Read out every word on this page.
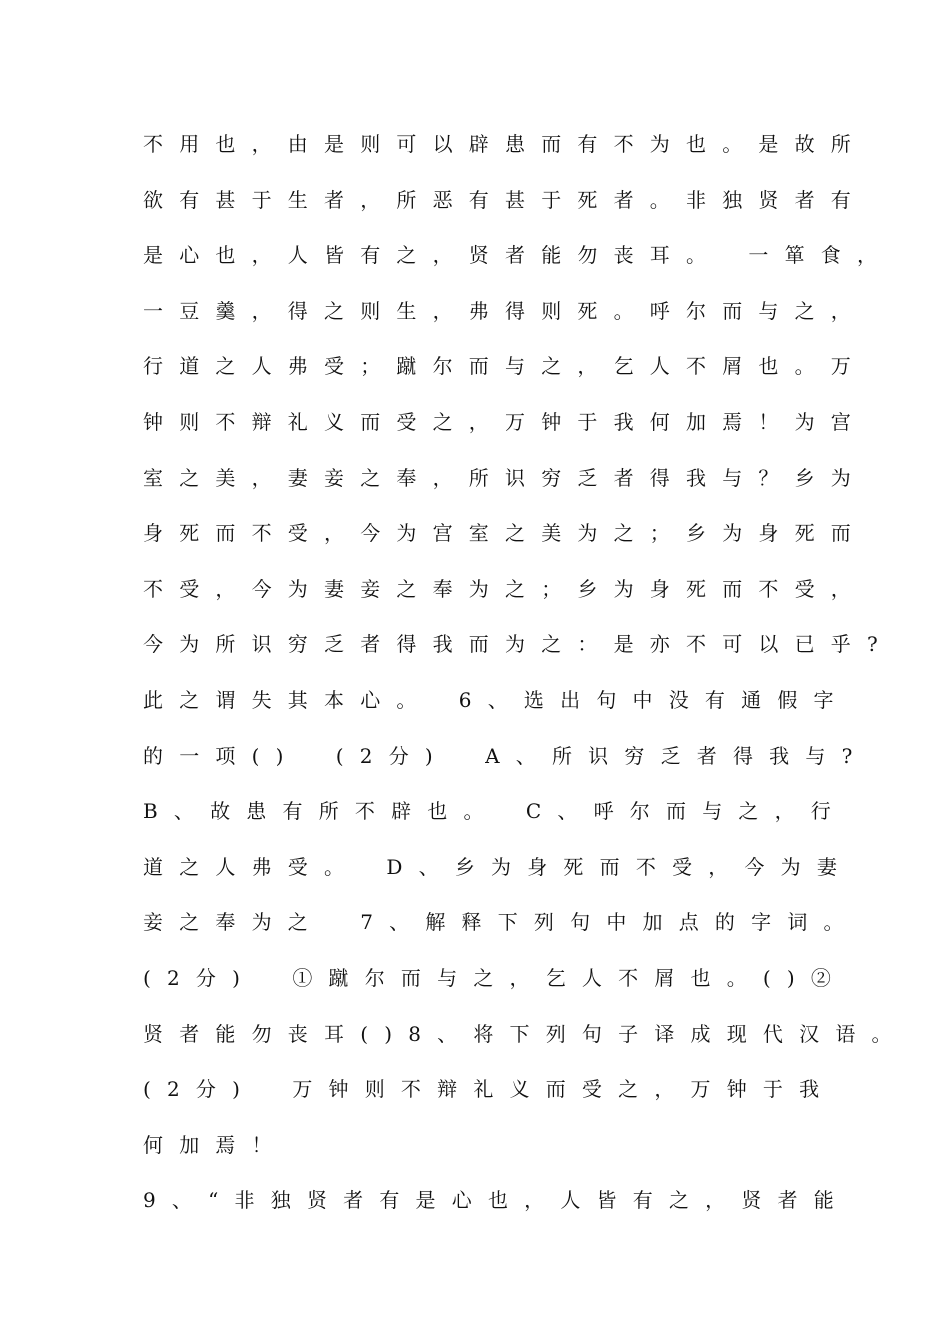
不用也，由是则可以辟患而有不为也。是故所
欲有甚于生者，所恶有甚于死者。非独贤者有
是心也，人皆有之，贤者能勿丧耳。　一箪食，
一豆羹，得之则生，弗得则死。呼尔而与之，
行道之人弗受；蹴尔而与之，乞人不屑也。万
钟则不辩礼义而受之，万钟于我何加焉！为宫
室之美，妻妾之奉，所识穷乏者得我与？乡为
身死而不受，今为宫室之美为之；乡为身死而
不受，今为妻妾之奉为之；乡为身死而不受，
今为所识穷乏者得我而为之：是亦不可以已乎?
此之谓失其本心。　6、选出句中没有通假字
的一项()　(2分)　A、所识穷乏者得我与?
B、故患有所不辟也。　C、呼尔而与之，行
道之人弗受。　D、乡为身死而不受，今为妻
妾之奉为之　7、解释下列句中加点的字词。
(2分)　①蹴尔而与之，乞人不屑也。()②
贤者能勿丧耳()8、将下列句子译成现代汉语。
(2分)　万钟则不辩礼义而受之，万钟于我
何加焉！
9、“非独贤者有是心也，人皆有之，贤者能
